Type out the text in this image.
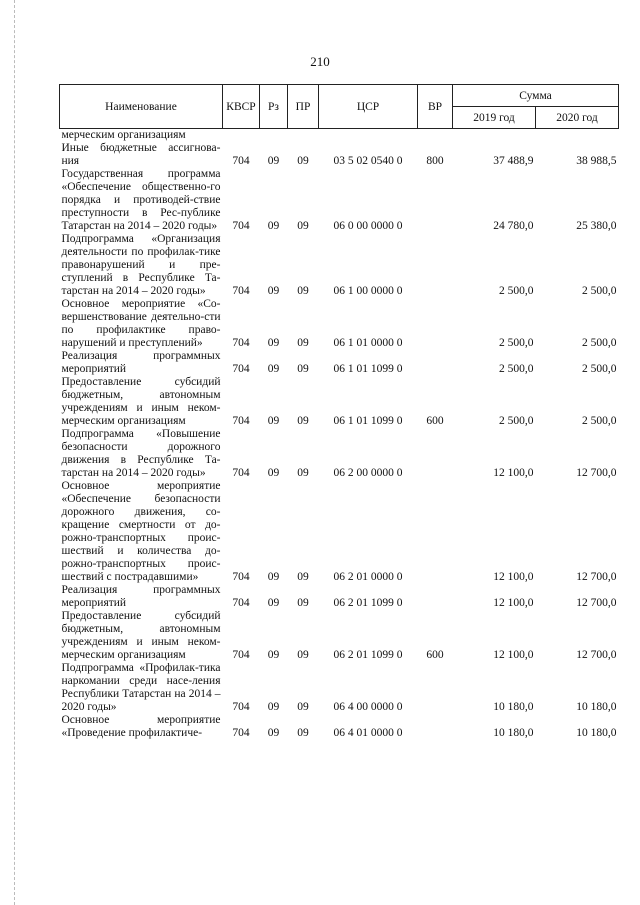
210
Наименование	КВСР	Рз	ПР	ЦСР	ВР	Сумма	
						2019 год	2020 год
мерческим организациям							
Иные бюджетные ассигнова-ния	704	09	09	03 5 02 0540 0	800	37 488,9	38 988,5
Государственная программа «Обеспечение общественно-го порядка и противодей-ствие преступности в Рес-публике Татарстан на 2014 – 2020 годы»	704	09	09	06 0 00 0000 0		24 780,0	25 380,0
Подпрограмма «Организация деятельности по профилак-тике правонарушений и пре-ступлений в Республике Та-тарстан на 2014 – 2020 годы»	704	09	09	06 1 00 0000 0		2 500,0	2 500,0
Основное мероприятие «Со-вершенствование деятельно-сти по профилактике право-нарушений и преступлений»	704	09	09	06 1 01 0000 0		2 500,0	2 500,0
Реализация программных мероприятий	704	09	09	06 1 01 1099 0		2 500,0	2 500,0
Предоставление субсидий бюджетным, автономным учреждениям и иным неком-мерческим организациям	704	09	09	06 1 01 1099 0	600	2 500,0	2 500,0
Подпрограмма «Повышение безопасности дорожного движения в Республике Та-тарстан на 2014 – 2020 годы»	704	09	09	06 2 00 0000 0		12 100,0	12 700,0
Основное мероприятие «Обеспечение безопасности дорожного движения, со-кращение смертности от до-рожно-транспортных проис-шествий и количества до-рожно-транспортных проис-шествий с пострадавшими»	704	09	09	06 2 01 0000 0		12 100,0	12 700,0
Реализация программных мероприятий	704	09	09	06 2 01 1099 0		12 100,0	12 700,0
Предоставление субсидий бюджетным, автономным учреждениям и иным неком-мерческим организациям	704	09	09	06 2 01 1099 0	600	12 100,0	12 700,0
Подпрограмма «Профилак-тика наркомании среди насе-ления Республики Татарстан на 2014 – 2020 годы»	704	09	09	06 4 00 0000 0		10 180,0	10 180,0
Основное мероприятие «Проведение профилактиче-	704	09	09	06 4 01 0000 0		10 180,0	10 180,0
